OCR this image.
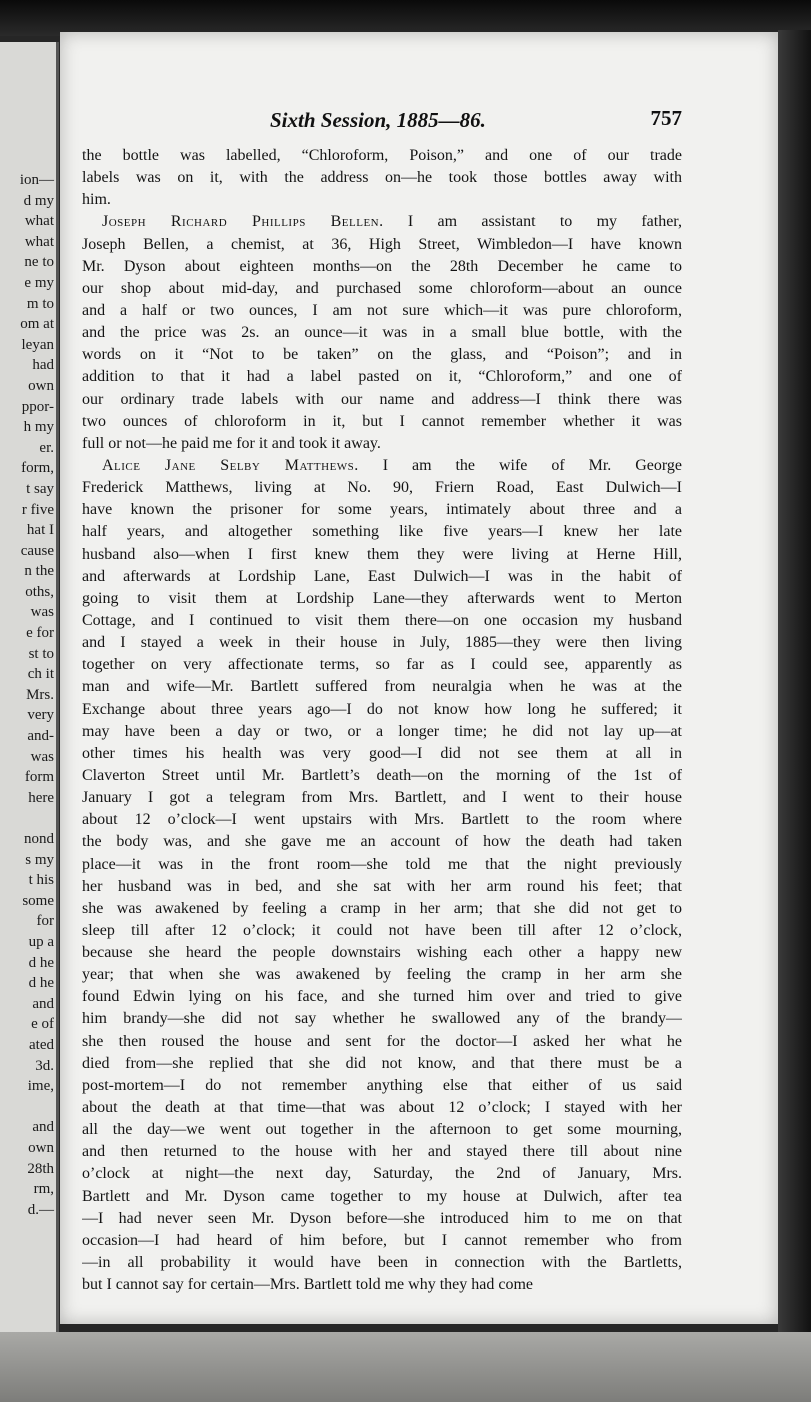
ion—
d my
what
what
ne to
e my
m to
om at
leyan
had
own
ppor-
h my
er.
form,
t say
r five
hat I
cause
n the
oths,
was
e for
st to
ch it
Mrs.
very
and-
was
form
here
nond
s my
t his
some
for
up a
d he
d he
and
e of
ated
3d.
ime,
and
own
28th
rm,
d.—
Sixth Session, 1885—86.	757
the bottle was labelled, “Chloroform, Poison,” and one of our trade
labels was on it, with the address on—he took those bottles away with
him.
Joseph Richard Phillips Bellen. I am assistant to my father,
Joseph Bellen, a chemist, at 36, High Street, Wimbledon—I have known
Mr. Dyson about eighteen months—on the 28th December he came to
our shop about mid-day, and purchased some chloroform—about an ounce
and a half or two ounces, I am not sure which—it was pure chloroform,
and the price was 2s. an ounce—it was in a small blue bottle, with the
words on it “Not to be taken” on the glass, and “Poison”; and in
addition to that it had a label pasted on it, “Chloroform,” and one of
our ordinary trade labels with our name and address—I think there was
two ounces of chloroform in it, but I cannot remember whether it was
full or not—he paid me for it and took it away.
Alice Jane Selby Matthews. I am the wife of Mr. George
Frederick Matthews, living at No. 90, Friern Road, East Dulwich—I
have known the prisoner for some years, intimately about three and a
half years, and altogether something like five years—I knew her late
husband also—when I first knew them they were living at Herne Hill,
and afterwards at Lordship Lane, East Dulwich—I was in the habit of
going to visit them at Lordship Lane—they afterwards went to Merton
Cottage, and I continued to visit them there—on one occasion my husband
and I stayed a week in their house in July, 1885—they were then living
together on very affectionate terms, so far as I could see, apparently as
man and wife—Mr. Bartlett suffered from neuralgia when he was at the
Exchange about three years ago—I do not know how long he suffered; it
may have been a day or two, or a longer time; he did not lay up—at
other times his health was very good—I did not see them at all in
Claverton Street until Mr. Bartlett’s death—on the morning of the 1st of
January I got a telegram from Mrs. Bartlett, and I went to their house
about 12 o’clock—I went upstairs with Mrs. Bartlett to the room where
the body was, and she gave me an account of how the death had taken
place—it was in the front room—she told me that the night previously
her husband was in bed, and she sat with her arm round his feet; that
she was awakened by feeling a cramp in her arm; that she did not get to
sleep till after 12 o’clock; it could not have been till after 12 o’clock,
because she heard the people downstairs wishing each other a happy new
year; that when she was awakened by feeling the cramp in her arm she
found Edwin lying on his face, and she turned him over and tried to give
him brandy—she did not say whether he swallowed any of the brandy—
she then roused the house and sent for the doctor—I asked her what he
died from—she replied that she did not know, and that there must be a
post-mortem—I do not remember anything else that either of us said
about the death at that time—that was about 12 o’clock; I stayed with her
all the day—we went out together in the afternoon to get some mourning,
and then returned to the house with her and stayed there till about nine
o’clock at night—the next day, Saturday, the 2nd of January, Mrs.
Bartlett and Mr. Dyson came together to my house at Dulwich, after tea
—I had never seen Mr. Dyson before—she introduced him to me on that
occasion—I had heard of him before, but I cannot remember who from
—in all probability it would have been in connection with the Bartletts,
but I cannot say for certain—Mrs. Bartlett told me why they had come
